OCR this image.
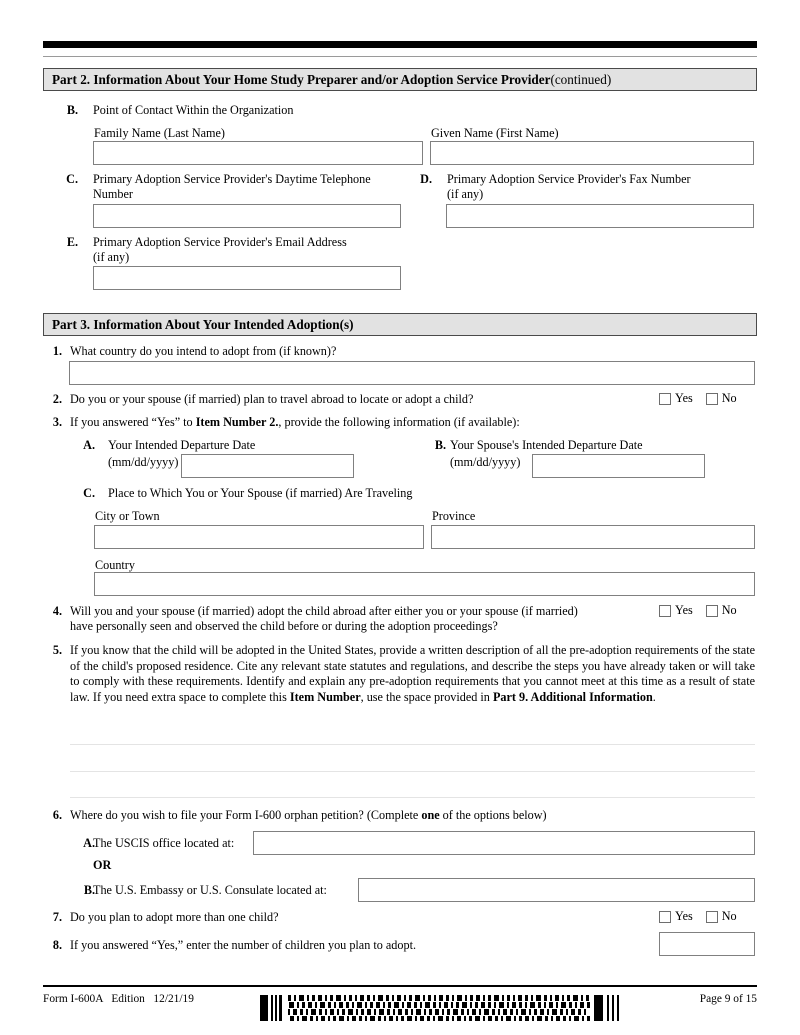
Part 2. Information About Your Home Study Preparer and/or Adoption Service Provider (continued)
B. Point of Contact Within the Organization
Family Name (Last Name)	Given Name (First Name)
C. Primary Adoption Service Provider's Daytime Telephone
Number
D. Primary Adoption Service Provider's Fax Number
(if any)
E. Primary Adoption Service Provider's Email Address
(if any)
Part 3. Information About Your Intended Adoption(s)
1. What country do you intend to adopt from (if known)?
2. Do you or your spouse (if married) plan to travel abroad to locate or adopt a child?	Yes No
3. If you answered “Yes” to Item Number 2., provide the following information (if available):
A. Your Intended Departure Date
(mm/dd/yyyy)
B. Your Spouse's Intended Departure Date
(mm/dd/yyyy)
C. Place to Which You or Your Spouse (if married) Are Traveling
City or Town	Province
Country
4. Will you and your spouse (if married) adopt the child abroad after either you or your spouse (if married)
have personally seen and observed the child before or during the adoption proceedings?
Yes No
5. If you know that the child will be adopted in the United States, provide a written description of all the pre-adoption requirements of the state of the child's proposed residence. Cite any relevant state statutes and regulations, and describe the steps you have already taken or will take to comply with these requirements. Identify and explain any pre-adoption requirements that you cannot meet at this time as a result of state law. If you need extra space to complete this Item Number, use the space provided in Part 9. Additional Information.
6. Where do you wish to file your Form I-600 orphan petition? (Complete one of the options below)
A.
The USCIS office located at:
OR
B.
The U.S. Embassy or U.S. Consulate located at:
7. Do you plan to adopt more than one child?	Yes No
8. If you answered “Yes,” enter the number of children you plan to adopt.
Form I-600A   Edition   12/21/19	Page 9 of 15
